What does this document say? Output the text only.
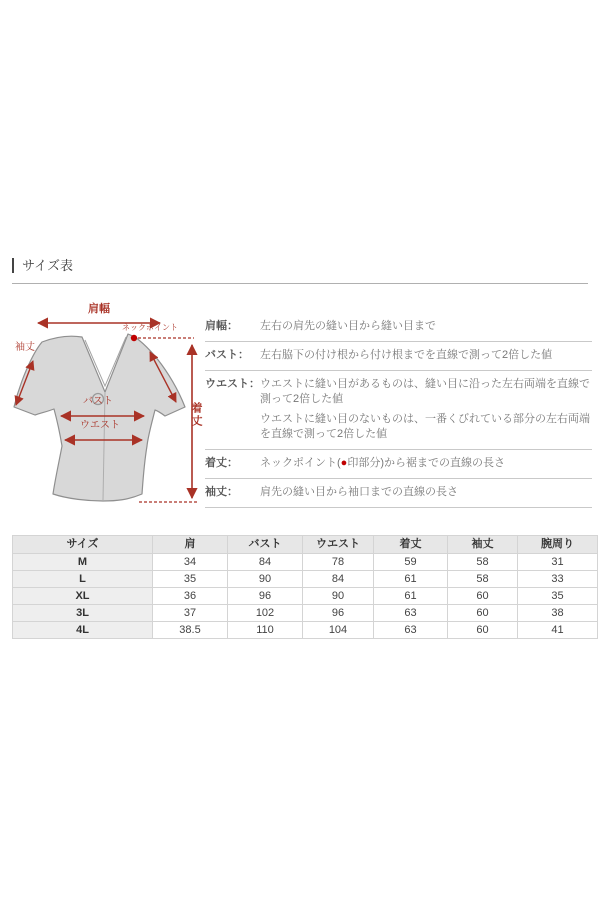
サイズ表
肩幅
ネックポイント
袖丈
バスト
ウエスト	着丈
肩幅：	左右の肩先の縫い目から縫い目まで
バスト：	左右脇下の付け根から付け根までを直線で測って2倍した値
ウエスト： ウエストに縫い目があるものは、縫い目に沿った左右両端を直線で測って2倍した値

ウエストに縫い目のないものは、一番くびれている部分の左右両端を直線で測って2倍した値

着丈：	ネックポイント(●印部分)から裾までの直線の長さ

袖丈：	肩先の縫い目から袖口までの直線の長さ
サイズ	肩	バスト	ウエスト	着丈	袖丈	腕周り
M	34	84	78	59	58	31
L	35	90	84	61	58	33
XL	36	96	90	61	60	35
3L	37	102	96	63	60	38
4L	38.5	110	104	63	60	41
